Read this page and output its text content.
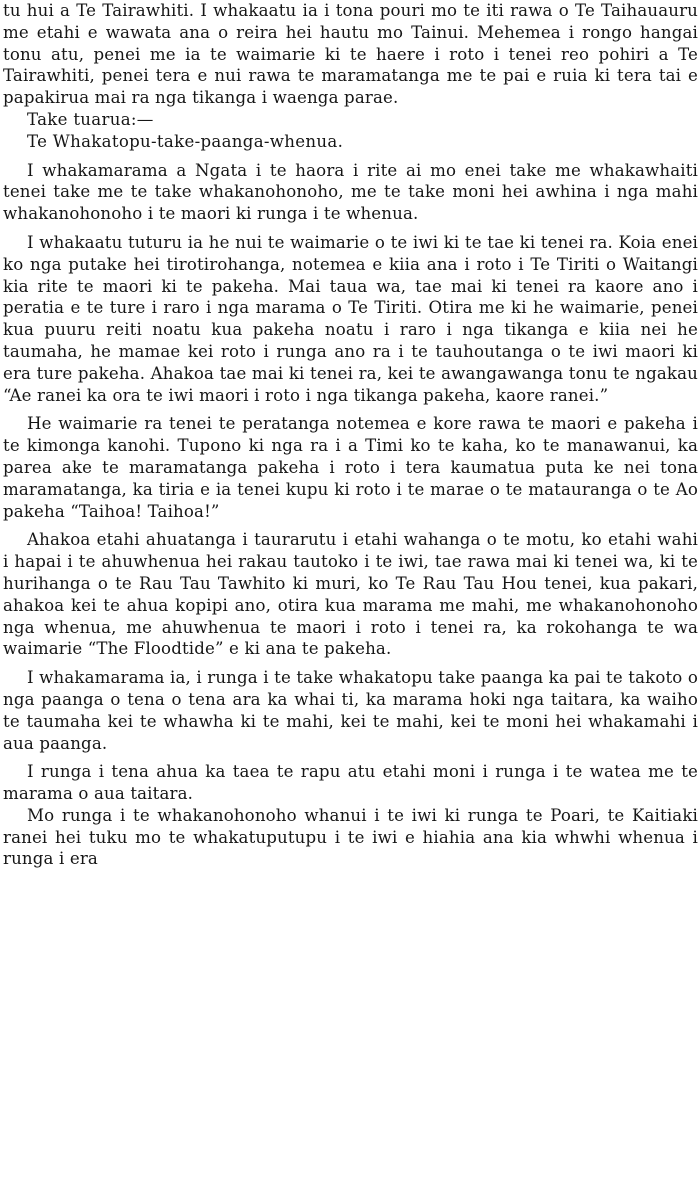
tu hui a Te Tairawhiti. I whakaatu ia i tona pouri mo te iti rawa o Te Taihauauru me etahi e wawata ana o reira hei hautu mo Tainui. Mehemea i rongo hangai tonu atu, penei me ia te waimarie ki te haere i roto i tenei reo pohiri a Te Tairawhiti, penei tera e nui rawa te maramatanga me te pai e ruia ki tera tai e papakirua mai ra nga tikanga i waenga parae.

Take tuarua:—

Te Whakatopu-take-paanga-whenua.

I whakamarama a Ngata i te haora i rite ai mo enei take me whakawhaiti tenei take me te take whakanohonoho, me te take moni hei awhina i nga mahi whakanohonoho i te maori ki runga i te whenua.

I whakaatu tuturu ia he nui te waimarie o te iwi ki te tae ki tenei ra. Koia enei ko nga putake hei tirotirohanga, notemea e kiia ana i roto i Te Tiriti o Waitangi kia rite te maori ki te pakeha. Mai taua wa, tae mai ki tenei ra kaore ano i peratia e te ture i raro i nga marama o Te Tiriti. Otira me ki he waimarie, penei kua puuru reiti noatu kua pakeha noatu i raro i nga tikanga e kiia nei he taumaha, he mamae kei roto i runga ano ra i te tauhoutanga o te iwi maori ki era ture pakeha. Ahakoa tae mai ki tenei ra, kei te awangawanga tonu te ngakau “Ae ranei ka ora te iwi maori i roto i nga tikanga pakeha, kaore ranei.”

He waimarie ra tenei te peratanga notemea e kore rawa te maori e pakeha i te kimonga kanohi. Tupono ki nga ra i a Timi ko te kaha, ko te manawanui, ka parea ake te maramatanga pakeha i roto i tera kaumatua puta ke nei tona maramatanga, ka tiria e ia tenei kupu ki roto i te marae o te matauranga o te Ao pakeha “Taihoa! Taihoa!”

Ahakoa etahi ahuatanga i taurarutu i etahi wahanga o te motu, ko etahi wahi i hapai i te ahuwhenua hei rakau tautoko i te iwi, tae rawa mai ki tenei wa, ki te hurihanga o te Rau Tau Tawhito ki muri, ko Te Rau Tau Hou tenei, kua pakari, ahakoa kei te ahua kopipi ano, otira kua marama me mahi, me whakanohonoho nga whenua, me ahuwhenua te maori i roto i tenei ra, ka rokohanga te wa waimarie “The Floodtide” e ki ana te pakeha.

I whakamarama ia, i runga i te take whakatopu take paanga ka pai te takoto o nga paanga o tena o tena ara ka whai ti, ka marama hoki nga taitara, ka waiho te taumaha kei te whawha ki te mahi, kei te mahi, kei te moni hei whakamahi i aua paanga.

I runga i tena ahua ka taea te rapu atu etahi moni i runga i te watea me te marama o aua taitara.

Mo runga i te whakanohonoho whanui i te iwi ki runga te Poari, te Kaitiaki ranei hei tuku mo te whakatuputupu i te iwi e hiahia ana kia whwhi whenua i runga i era
